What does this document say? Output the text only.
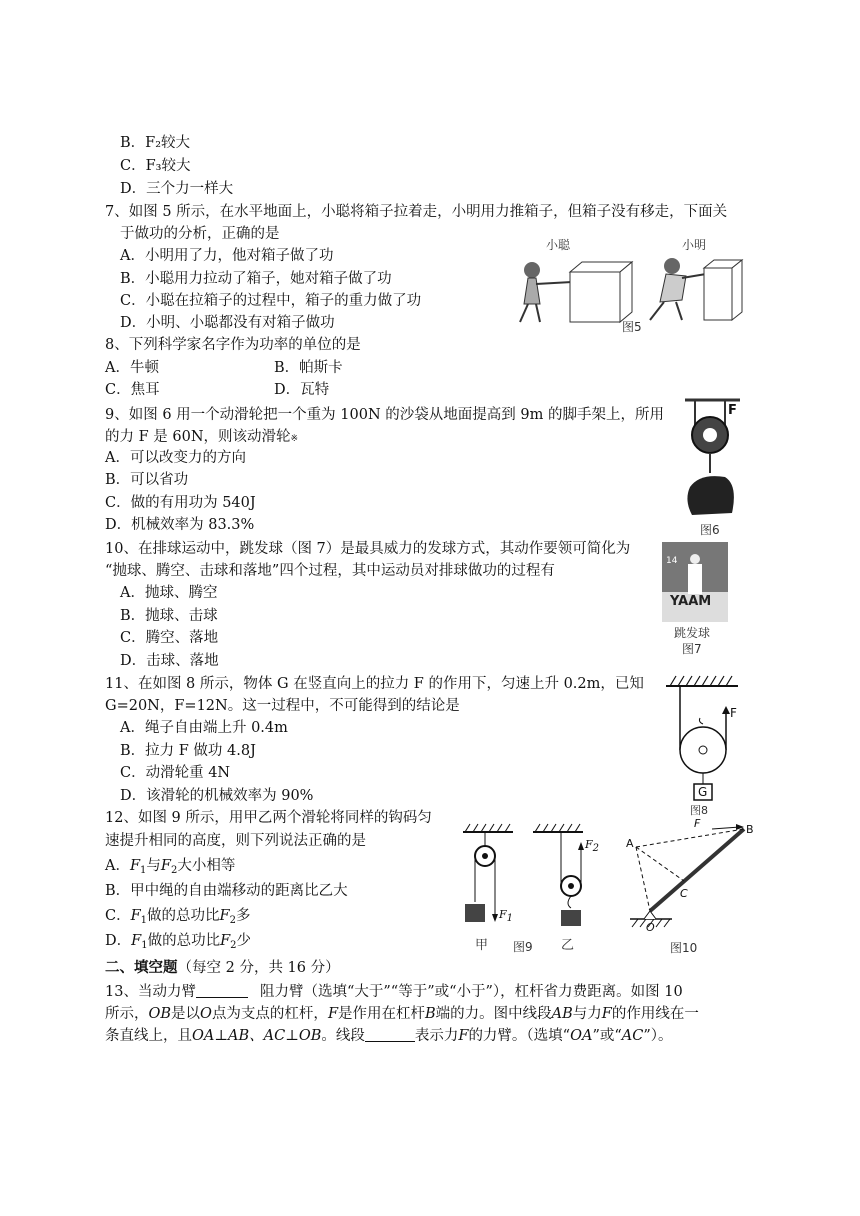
B．F₂较大
C．F₃较大
D．三个力一样大
7、如图 5 所示，在水平地面上，小聪将箱子拉着走，小明用力推箱子，但箱子没有移走，下面关
于做功的分析，正确的是
A．小明用了力，他对箱子做了功
B．小聪用力拉动了箱子，她对箱子做了功
C．小聪在拉箱子的过程中，箱子的重力做了功
D．小明、小聪都没有对箱子做功
小聪	小明
图5
8、下列科学家名字作为功率的单位的是
A．牛顿	B．帕斯卡
C．焦耳	D．瓦特
9、如图 6 用一个动滑轮把一个重为 100N 的沙袋从地面提高到 9m 的脚手架上，所用
的力 F 是 60N，则该动滑轮※
A．可以改变力的方向
B．可以省功
C．做的有用功为 540J
D．机械效率为 83.3%
F
图6
10、在排球运动中，跳发球（图 7）是最具威力的发球方式，其动作要领可简化为
“抛球、腾空、击球和落地”四个过程，其中运动员对排球做功的过程有
A．抛球、腾空
B．抛球、击球
C．腾空、落地
D．击球、落地
14
YAAM
跳发球
图7
11、在如图 8 所示，物体 G 在竖直向上的拉力 F 的作用下，匀速上升 0.2m，已知
G=20N，F=12N。这一过程中，不可能得到的结论是
A．绳子自由端上升 0.4m
B．拉力 F 做功 4.8J
C．动滑轮重 4N
D．该滑轮的机械效率为 90%
F
G
图8
12、如图 9 所示，用甲乙两个滑轮将同样的钩码匀
速提升相同的高度，则下列说法正确的是
A．$F_1$与$F_2$大小相等
B．甲中绳的自由端移动的距离比乙大
C．$F_1$做的总功比$F_2$多
D．$F_1$做的总功比$F_2$少
$F_1$
$F_2$
甲 图9 乙
A
B
C
O
F
图10
二、填空题（每空 2 分，共 16 分）
13、当动力臂	阻力臂（选填“大于”“等于”或“小于”），杠杆省力费距离。如图 10
所示，OB是以O点为支点的杠杆，F是作用在杠杆B端的力。图中线段AB与力F的作用线在一
条直线上，且OA⊥AB、AC⊥OB。线段	表示力F的力臂。（选填“OA”或“AC”）。
